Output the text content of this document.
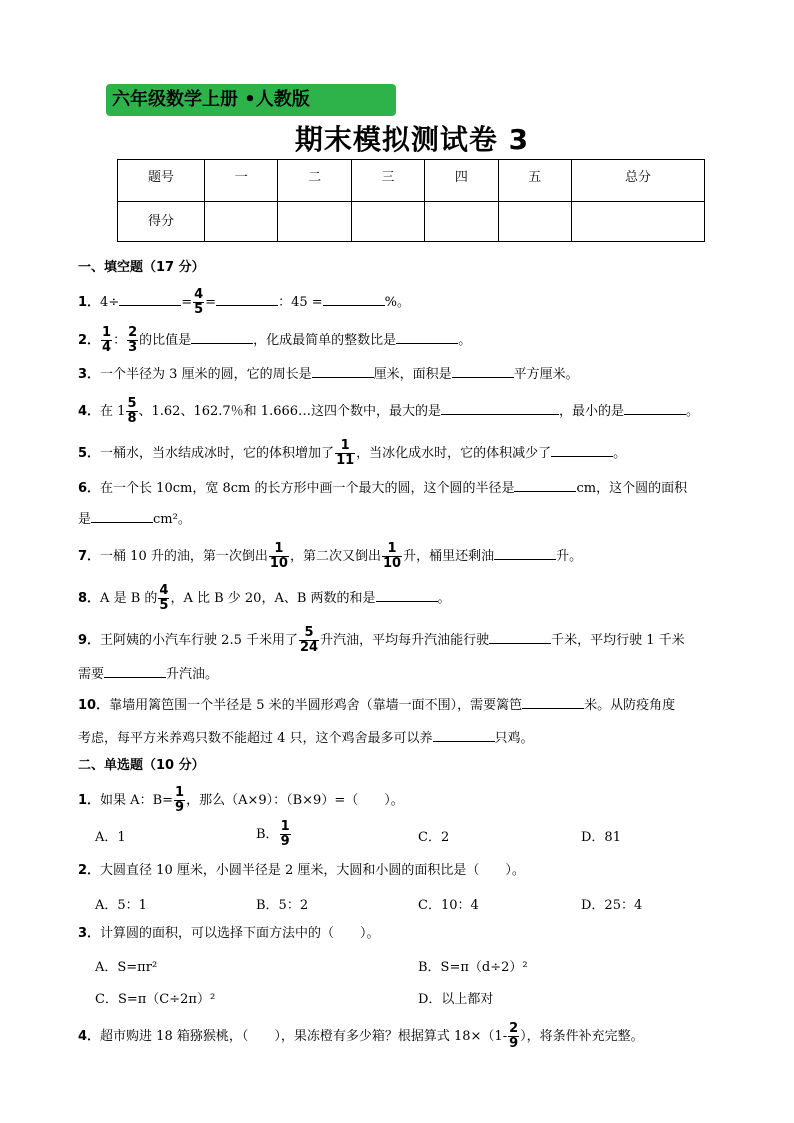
六年级数学上册 •人教版
期末模拟测试卷 3
题号	一	二	三	四	五	总分
得分						
一、填空题（17 分）
1．4÷	= $\frac{4}{5}$ =	：45 =	%。
2． $\frac{1}{4}$ ： $\frac{2}{3}$ 的比值是	，化成最简单的整数比是	。
3．一个半径为 3 厘米的圆，它的周长是	厘米，面积是	平方厘米。
4．在 $1 \frac{5}{8}$ 、1.62、162.7％和 1.666…这四个数中，最大的是	，最小的是	。
5．一桶水，当水结成冰时，它的体积增加了 $\frac{1}{11}$ ，当冰化成水时，它的体积减少了	。
6．在一个长 10cm，宽 8cm 的长方形中画一个最大的圆，这个圆的半径是	cm，这个圆的面积
是	cm²。
7．一桶 10 升的油，第一次倒出 $\frac{1}{10}$ ，第二次又倒出 $\frac{1}{10}$ 升，桶里还剩油	升。
8．A 是 B 的 $\frac{4}{5}$ ，A 比 B 少 20，A、B 两数的和是	。
9．王阿姨的小汽车行驶 2.5 千米用了 $\frac{5}{24}$ 升汽油，平均每升汽油能行驶	千米，平均行驶 1 千米
需要	升汽油。
10．靠墙用篱笆围一个半径是 5 米的半圆形鸡舍（靠墙一面不围），需要篱笆	米。从防疫角度
考虑，每平方米养鸡只数不能超过 4 只，这个鸡舍最多可以养	只鸡。
二、单选题（10 分）
1．如果 A：$B= \frac{1}{9}$ ，那么（A×9）：（B×9）=（　　）。
A．1	B． $\frac{1}{9}$	C．2	D．81
2．大圆直径 10 厘米，小圆半径是 2 厘米，大圆和小圆的面积比是（　　）。
A．5：1	B．5：2	C．10：4	D．25：4
3．计算圆的面积，可以选择下面方法中的（　　）。
A．S=πr²	B．S=π（d÷2）²
C．S=π（C÷2π）²	D．以上都对
4．超市购进 18 箱猕猴桃，（　　），果冻橙有多少箱？根据算式 $18\times(1- \frac{2}{9}$ ），将条件补充完整。
